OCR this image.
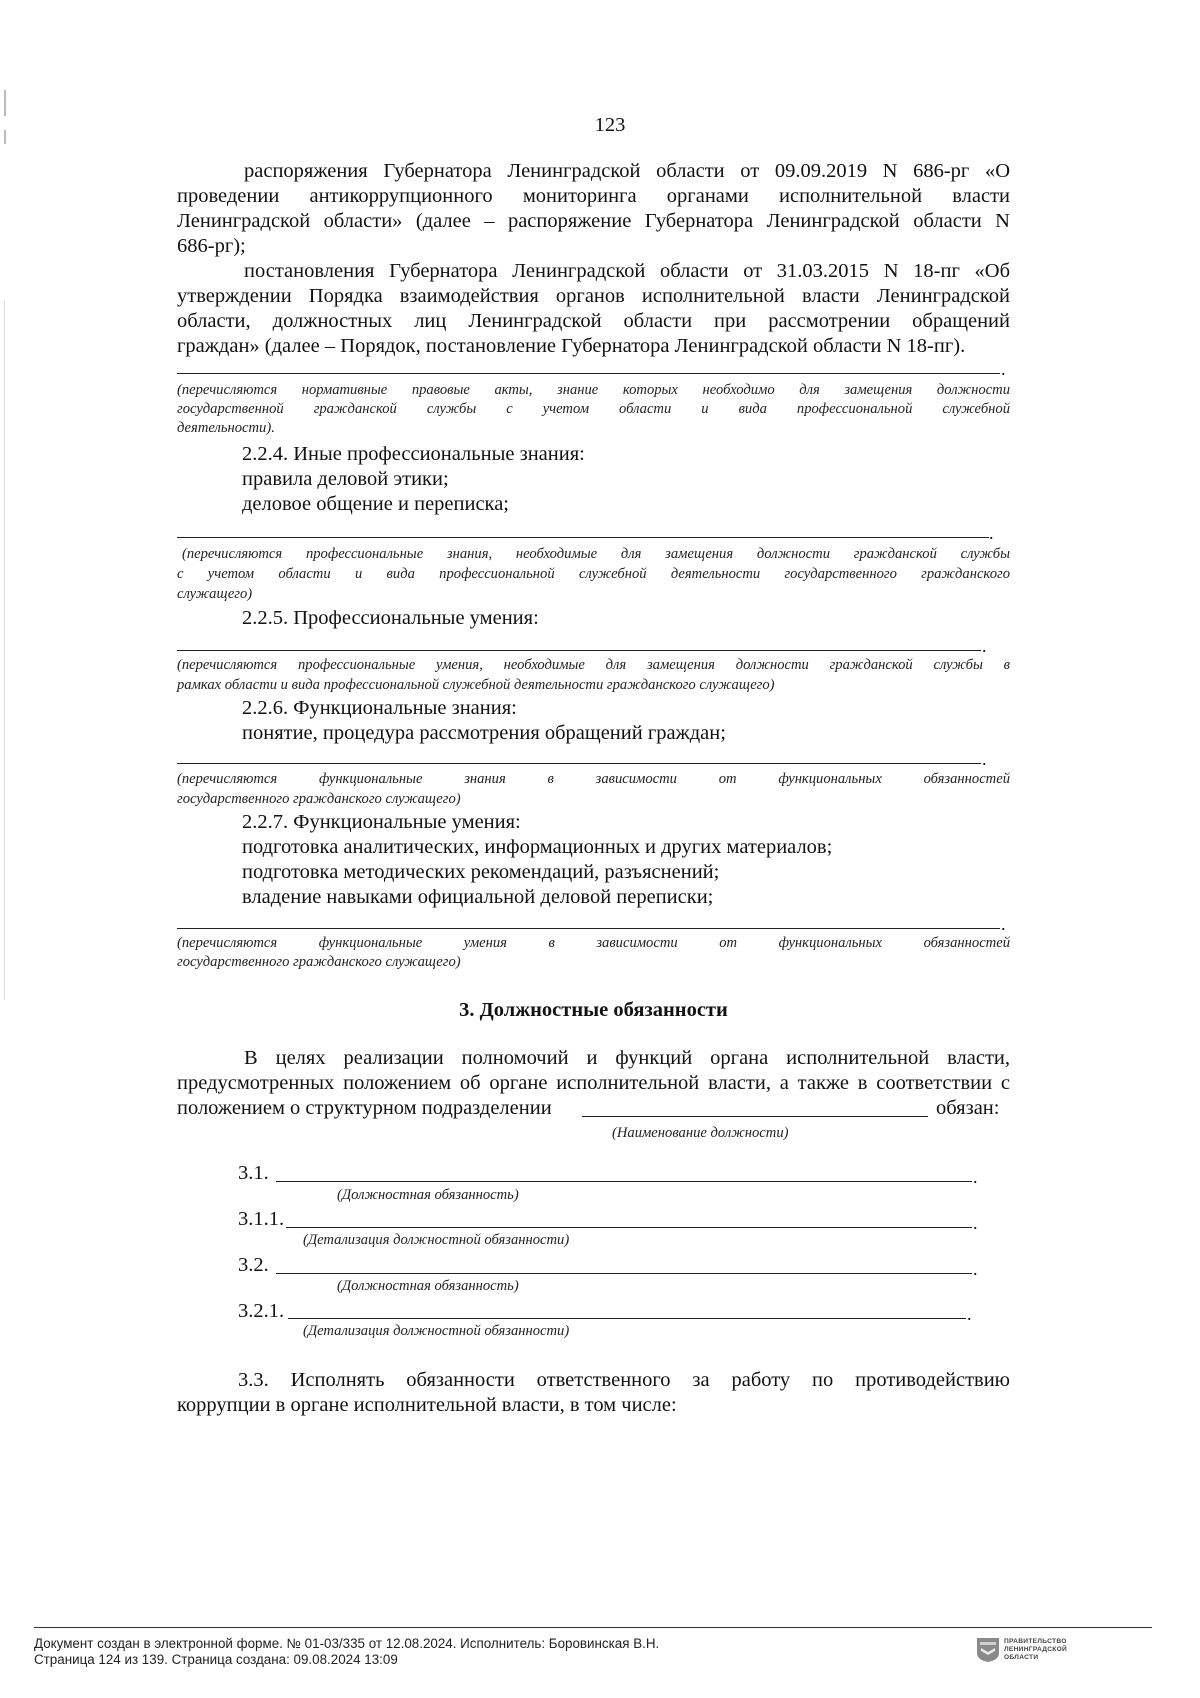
123
распоряжения Губернатора Ленинградской области от 09.09.2019 N 686-рг «О
проведении антикоррупционного мониторинга органами исполнительной власти
Ленинградской области» (далее – распоряжение Губернатора Ленинградской области N
686-рг);
постановления Губернатора Ленинградской области от 31.03.2015 N 18-пг «Об
утверждении Порядка взаимодействия органов исполнительной власти Ленинградской
области, должностных лиц Ленинградской области при рассмотрении обращений
граждан» (далее – Порядок, постановление Губернатора Ленинградской области N 18-пг).
.
(перечисляются нормативные правовые акты, знание которых необходимо для замещения должности
государственной гражданской службы с учетом области и вида профессиональной служебной
деятельности).
2.2.4. Иные профессиональные знания:
правила деловой этики;
деловое общение и переписка;
.
(перечисляются профессиональные знания, необходимые для замещения должности гражданской службы
с учетом области и вида профессиональной служебной деятельности государственного гражданского
служащего)
2.2.5. Профессиональные умения:
.
(перечисляются профессиональные умения, необходимые для замещения должности гражданской службы в
рамках области и вида профессиональной служебной деятельности гражданского служащего)
2.2.6. Функциональные знания:
понятие, процедура рассмотрения обращений граждан;
.
(перечисляются функциональные знания в зависимости от функциональных обязанностей
государственного гражданского служащего)
2.2.7. Функциональные умения:
подготовка аналитических, информационных и других материалов;
подготовка методических рекомендаций, разъяснений;
владение навыками официальной деловой переписки;
.
(перечисляются функциональные умения в зависимости от функциональных обязанностей
государственного гражданского служащего)
3. Должностные обязанности
В целях реализации полномочий и функций органа исполнительной власти,
предусмотренных положением об органе исполнительной власти, а также в соответствии с
положением о структурном подразделении	обязан:
(Наименование должности)
3.1.	.
(Должностная обязанность)
3.1.1.	.
(Детализация должностной обязанности)
3.2.	.
(Должностная обязанность)
3.2.1.	.
(Детализация должностной обязанности)
3.3. Исполнять обязанности ответственного за работу по противодействию
коррупции в органе исполнительной власти, в том числе:
Документ создан в электронной форме. № 01-03/335 от 12.08.2024. Исполнитель: Боровинская В.Н.
Страница 124 из 139. Страница создана: 09.08.2024 13:09
ПРАВИТЕЛЬСТВО
ЛЕНИНГРАДСКОЙ
ОБЛАСТИ
